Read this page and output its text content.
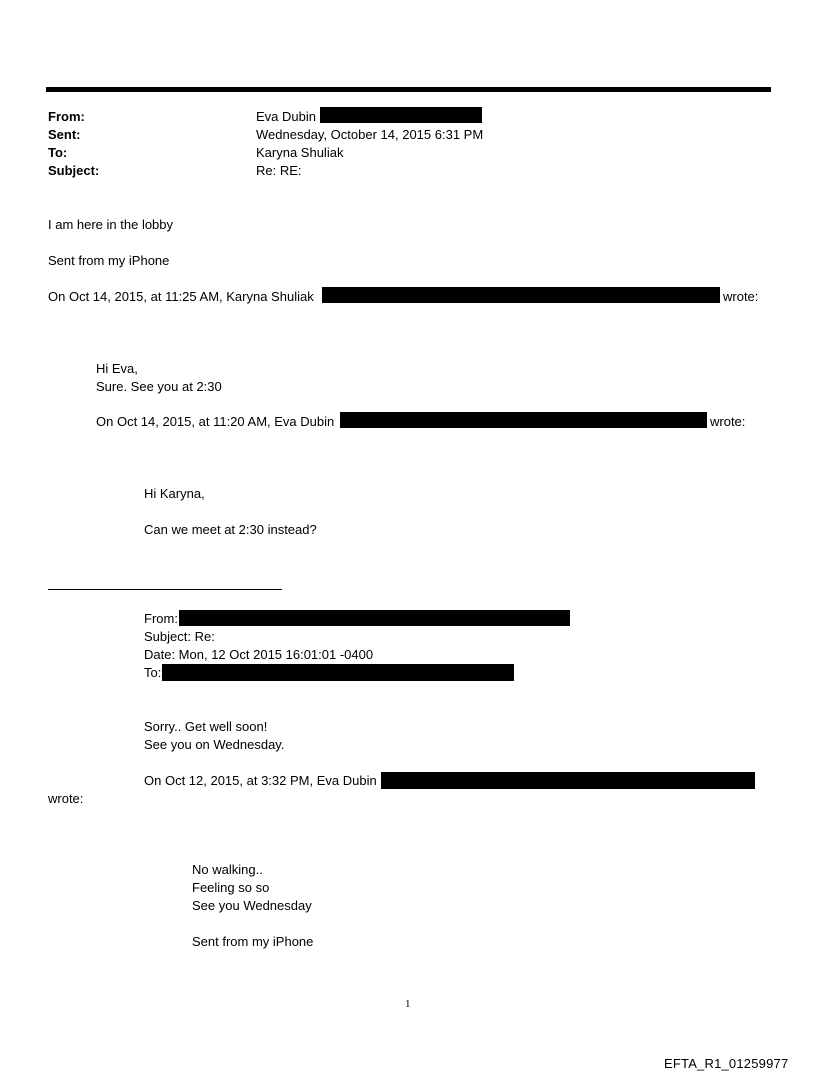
From:	Eva Dubin
Sent:	Wednesday, October 14, 2015 6:31 PM
To:	Karyna Shuliak
Subject:	Re: RE:
I am here in the lobby
Sent from my iPhone
On Oct 14, 2015, at 11:25 AM, Karyna Shuliak	wrote:
Hi Eva,
Sure. See you at 2:30
On Oct 14, 2015, at 11:20 AM, Eva Dubin	wrote:
Hi Karyna,
Can we meet at 2:30 instead?
From:
Subject: Re:
Date: Mon, 12 Oct 2015 16:01:01 -0400
To:
Sorry.. Get well soon!
See you on Wednesday.
On Oct 12, 2015, at 3:32 PM, Eva Dubin
wrote:
No walking..
Feeling so so
See you Wednesday
Sent from my iPhone
1
EFTA_R1_01259977
